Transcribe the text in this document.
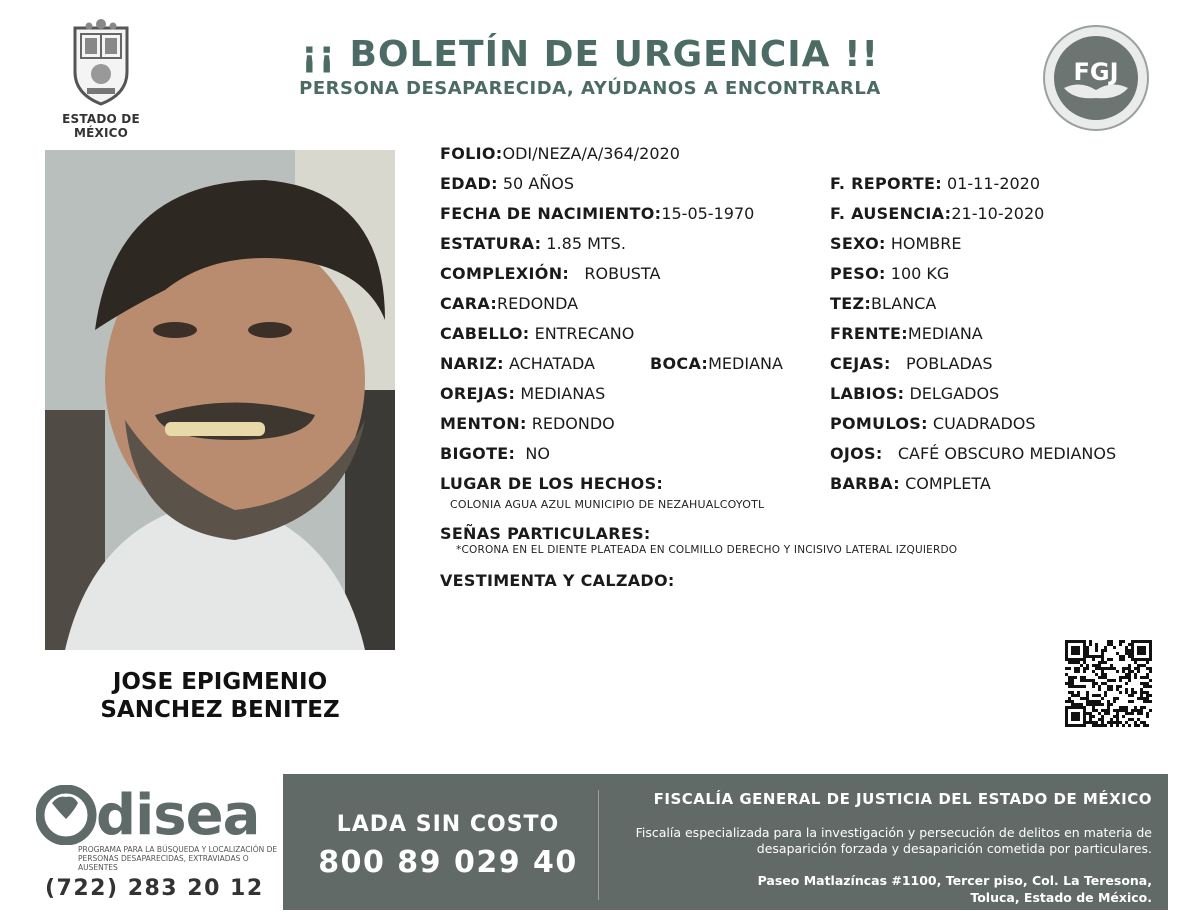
ESTADO DE MÉXICO
¡¡ BOLETÍN DE URGENCIA !!
PERSONA DESAPARECIDA, AYÚDANOS A ENCONTRARLA
FGJ
JOSE EPIGMENIO
SANCHEZ BENITEZ
FOLIO:ODI/NEZA/A/364/2020
EDAD: 50 AÑOS
FECHA DE NACIMIENTO:15-05-1970
ESTATURA: 1.85 MTS.
COMPLEXIÓN: ROBUSTA
CARA:REDONDA
CABELLO: ENTRECANO
NARIZ: ACHATADA	BOCA:MEDIANA
OREJAS: MEDIANAS
MENTON: REDONDO
BIGOTE: NO
LUGAR DE LOS HECHOS:
COLONIA AGUA AZUL MUNICIPIO DE NEZAHUALCOYOTL
SEÑAS PARTICULARES:
*CORONA EN EL DIENTE PLATEADA EN COLMILLO DERECHO Y INCISIVO LATERAL IZQUIERDO
VESTIMENTA Y CALZADO:
F. REPORTE: 01-11-2020
F. AUSENCIA:21-10-2020
SEXO: HOMBRE
PESO: 100 KG
TEZ:BLANCA
FRENTE:MEDIANA
CEJAS: POBLADAS
LABIOS: DELGADOS
POMULOS: CUADRADOS
OJOS: CAFÉ OBSCURO MEDIANOS
BARBA: COMPLETA
disea
PROGRAMA PARA LA BÚSQUEDA Y LOCALIZACIÓN DE PERSONAS DESAPARECIDAS, EXTRAVIADAS O AUSENTES
(722) 283 20 12
LADA SIN COSTO
800 89 029 40
FISCALÍA GENERAL DE JUSTICIA DEL ESTADO DE MÉXICO
Fiscalía especializada para la investigación y persecución de delitos en materia de desaparición forzada y desaparición cometida por particulares.
Paseo Matlazíncas #1100, Tercer piso, Col. La Teresona,
Toluca, Estado de México.
